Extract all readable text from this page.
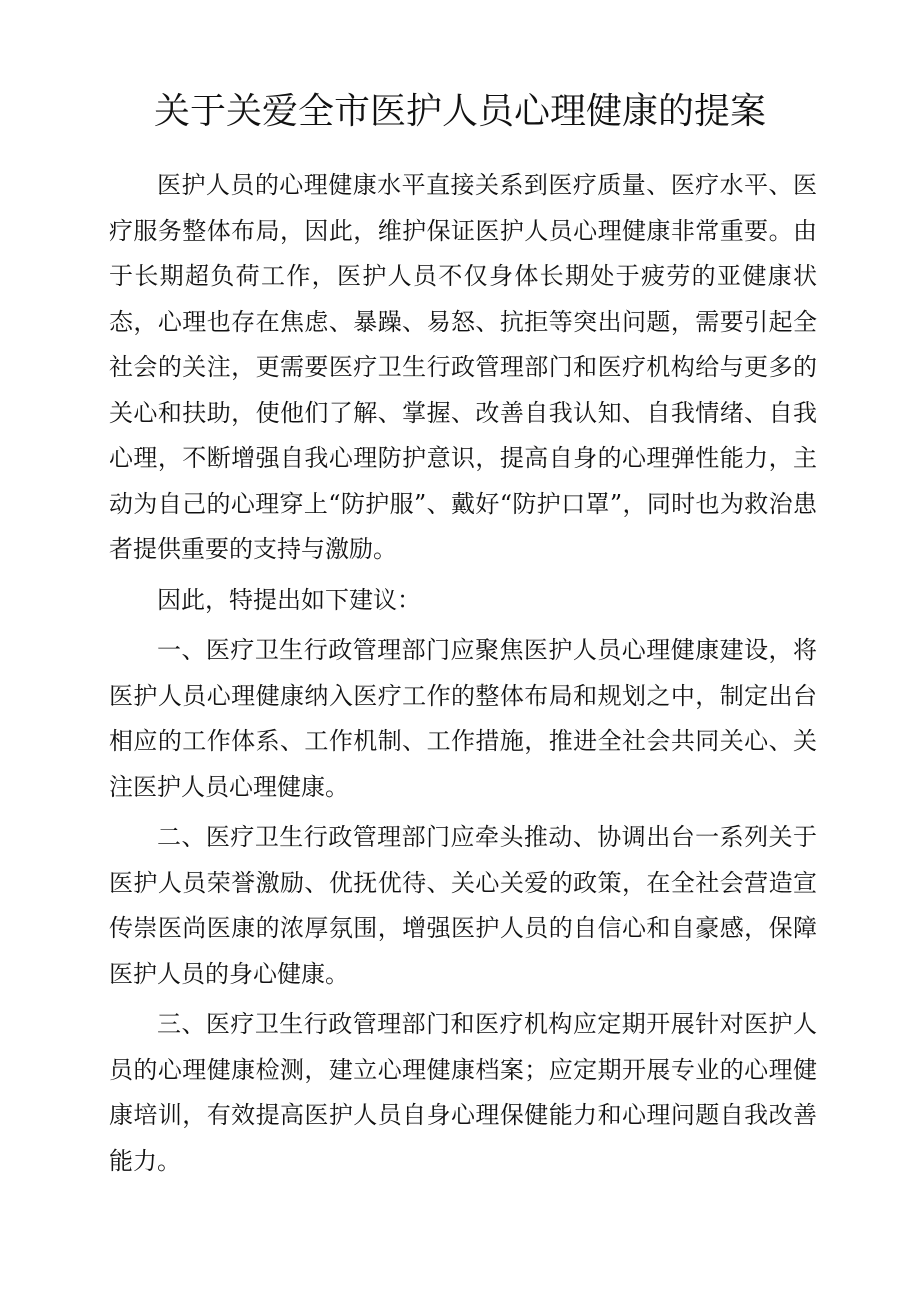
关于关爱全市医护人员心理健康的提案

医护人员的心理健康水平直接关系到医疗质量、医疗水平、医疗服务整体布局，因此，维护保证医护人员心理健康非常重要。由于长期超负荷工作，医护人员不仅身体长期处于疲劳的亚健康状态，心理也存在焦虑、暴躁、易怒、抗拒等突出问题，需要引起全社会的关注，更需要医疗卫生行政管理部门和医疗机构给与更多的关心和扶助，使他们了解、掌握、改善自我认知、自我情绪、自我心理，不断增强自我心理防护意识，提高自身的心理弹性能力，主动为自己的心理穿上“防护服”、戴好“防护口罩”，同时也为救治患者提供重要的支持与激励。

因此，特提出如下建议：

一、医疗卫生行政管理部门应聚焦医护人员心理健康建设，将医护人员心理健康纳入医疗工作的整体布局和规划之中，制定出台相应的工作体系、工作机制、工作措施，推进全社会共同关心、关注医护人员心理健康。

二、医疗卫生行政管理部门应牵头推动、协调出台一系列关于医护人员荣誉激励、优抚优待、关心关爱的政策，在全社会营造宣传崇医尚医康的浓厚氛围，增强医护人员的自信心和自豪感，保障医护人员的身心健康。

三、医疗卫生行政管理部门和医疗机构应定期开展针对医护人员的心理健康检测，建立心理健康档案；应定期开展专业的心理健康培训，有效提高医护人员自身心理保健能力和心理问题自我改善能力。
